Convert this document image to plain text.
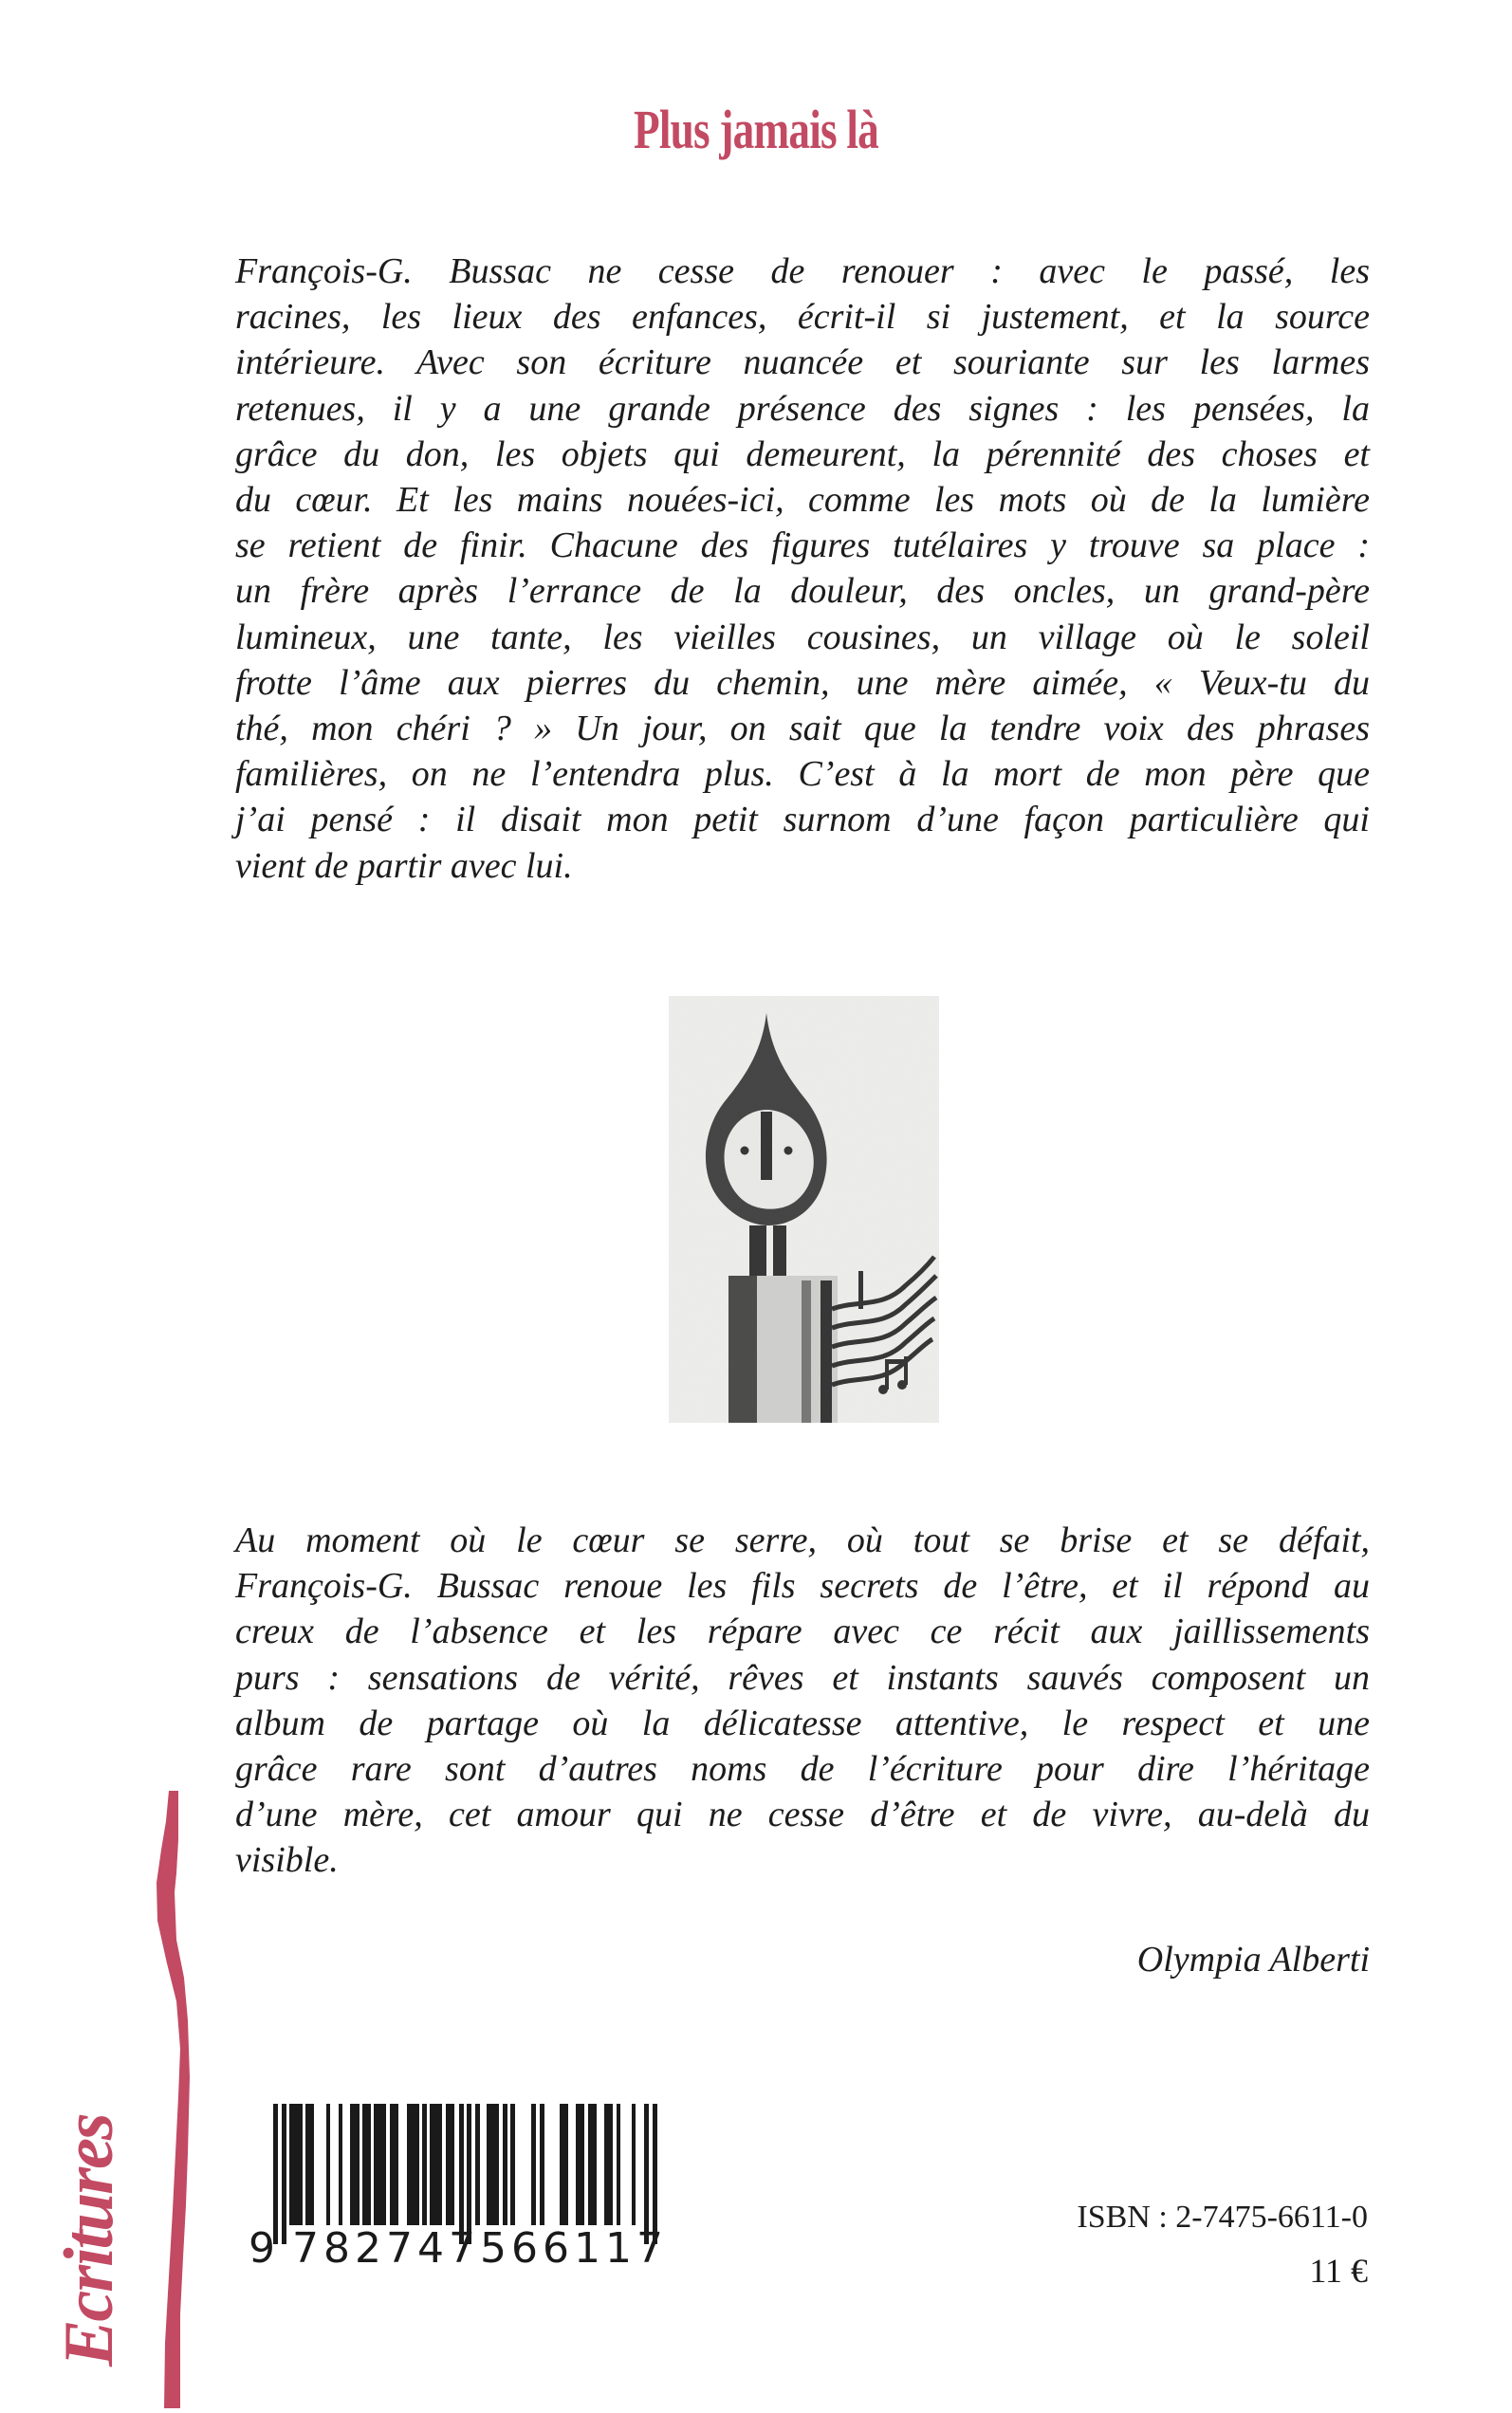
Plus jamais là
François-G. Bussac ne cesse de renouer : avec le passé, les
racines, les lieux des enfances, écrit-il si justement, et la source
intérieure. Avec son écriture nuancée et souriante sur les larmes
retenues, il y a une grande présence des signes : les pensées, la
grâce du don, les objets qui demeurent, la pérennité des choses et
du cœur. Et les mains nouées-ici, comme les mots où de la lumière
se retient de finir. Chacune des figures tutélaires y trouve sa place :
un frère après l’errance de la douleur, des oncles, un grand-père
lumineux, une tante, les vieilles cousines, un village où le soleil
frotte l’âme aux pierres du chemin, une mère aimée, « Veux-tu du
thé, mon chéri ? » Un jour, on sait que la tendre voix des phrases
familières, on ne l’entendra plus. C’est à la mort de mon père que
j’ai pensé : il disait mon petit surnom d’une façon particulière qui
vient de partir avec lui.
Au moment où le cœur se serre, où tout se brise et se défait,
François-G. Bussac renoue les fils secrets de l’être, et il répond au
creux de l’absence et les répare avec ce récit aux jaillissements
purs : sensations de vérité, rêves et instants sauvés composent un
album de partage où la délicatesse attentive, le respect et une
grâce rare sont d’autres noms de l’écriture pour dire l’héritage
d’une mère, cet amour qui ne cesse d’être et de vivre, au-delà du
visible.
Olympia Alberti
Ecritures	9 782747 566117
ISBN : 2-7475-6611-0
11 €
